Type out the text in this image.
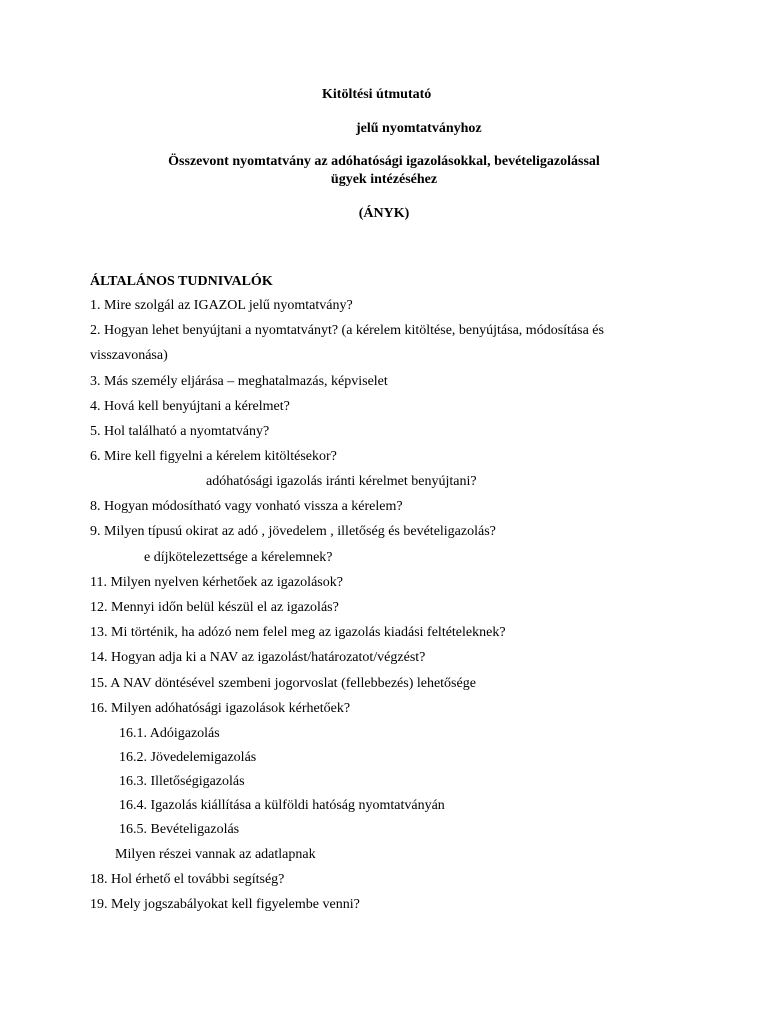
Kitöltési útmutató
jelű nyomtatványhoz
Összevont nyomtatvány az adóhatósági igazolásokkal, bevételigazolással
ügyek intézéséhez
(ÁNYK)
ÁLTALÁNOS TUDNIVALÓK
1. Mire szolgál az IGAZOL jelű nyomtatvány?
2. Hogyan lehet benyújtani a nyomtatványt? (a kérelem kitöltése, benyújtása, módosítása és
visszavonása)
3. Más személy eljárása – meghatalmazás, képviselet
4. Hová kell benyújtani a kérelmet?
5. Hol található a nyomtatvány?
6. Mire kell figyelni a kérelem kitöltésekor?
adóhatósági igazolás iránti kérelmet benyújtani?
8. Hogyan módosítható vagy vonható vissza a kérelem?
9. Milyen típusú okirat az adó , jövedelem , illetőség és bevételigazolás?
e díjkötelezettsége a kérelemnek?
11. Milyen nyelven kérhetőek az igazolások?
12. Mennyi időn belül készül el az igazolás?
13. Mi történik, ha adózó nem felel meg az igazolás kiadási feltételeknek?
14. Hogyan adja ki a NAV az igazolást/határozatot/végzést?
15. A NAV döntésével szembeni jogorvoslat (fellebbezés) lehetősége
16. Milyen adóhatósági igazolások kérhetőek?
16.1. Adóigazolás
16.2. Jövedelemigazolás
16.3. Illetőségigazolás
16.4. Igazolás kiállítása a külföldi hatóság nyomtatványán
16.5. Bevételigazolás
Milyen részei vannak az adatlapnak
18. Hol érhető el további segítség?
19. Mely jogszabályokat kell figyelembe venni?
